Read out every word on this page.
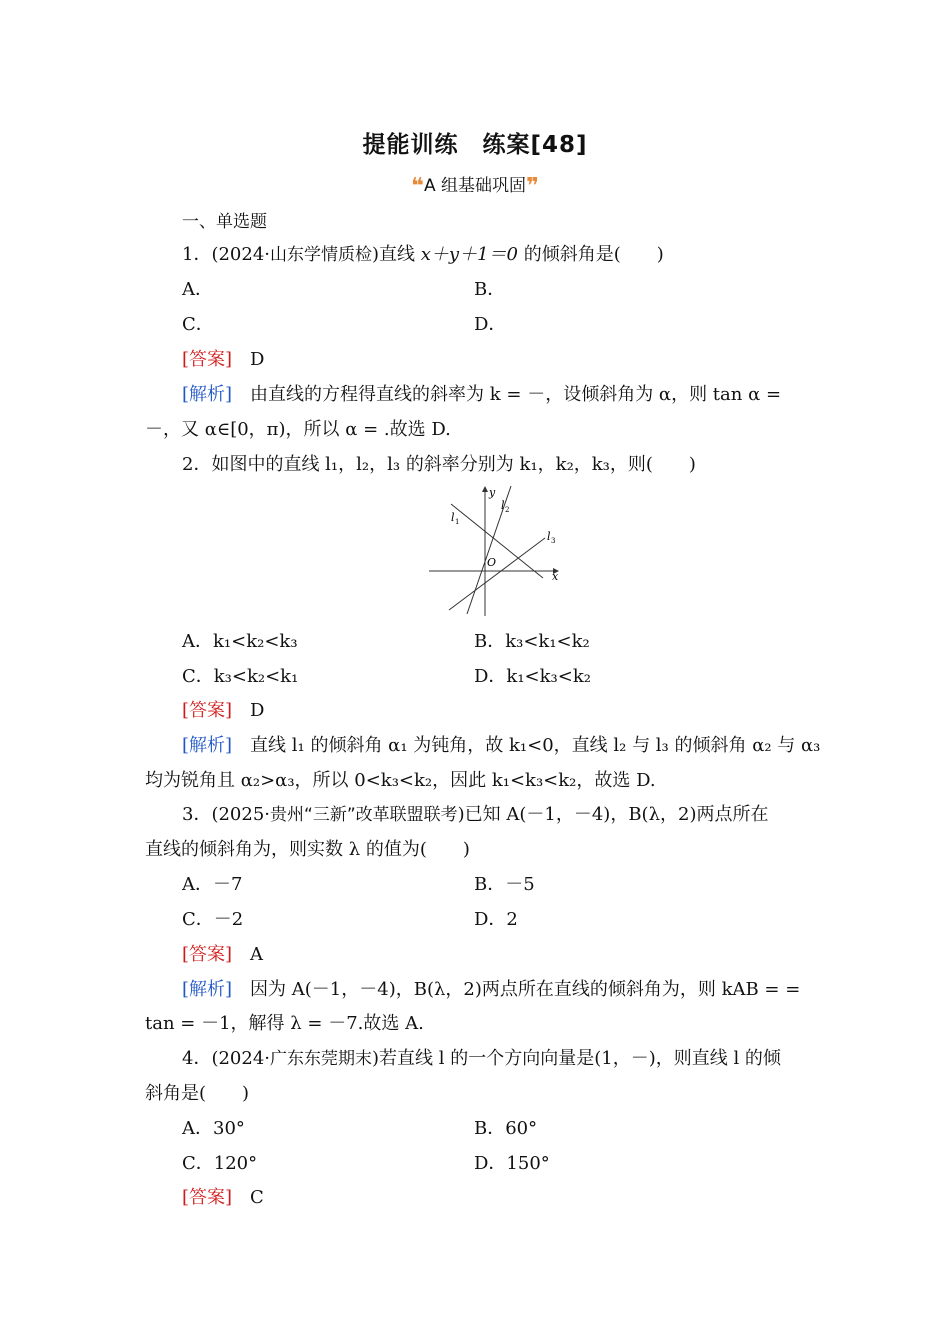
提能训练　练案[48]
❝A 组基础巩固❞
一、单选题
1．(2024·山东学情质检)直线 x＋y＋1＝0 的倾斜角是(　　)
A．	B．
C．	D．
[答案]　 D
[解析]　 由直线的方程得直线的斜率为 k = －，设倾斜角为 α，则 tan α =
－，又 α∈[0，π)，所以 α = .故选 D.
2．如图中的直线 l₁，l₂，l₃ 的斜率分别为 k₁，k₂，k₃，则(　　)
y
x
O
l 1
l 2
l 3
A．k₁<k₂<k₃	B．k₃<k₁<k₂
C．k₃<k₂<k₁	D．k₁<k₃<k₂
[答案]　 D
[解析]　 直线 l₁ 的倾斜角 α₁ 为钝角，故 k₁<0，直线 l₂ 与 l₃ 的倾斜角 α₂ 与 α₃
均为锐角且 α₂>α₃，所以 0<k₃<k₂，因此 k₁<k₃<k₂，故选 D.
3．(2025·贵州“三新”改革联盟联考)已知 A(－1，－4)，B(λ，2)两点所在
直线的倾斜角为，则实数 λ 的值为(　　)
A．－7	B．－5
C．－2	D．2
[答案]　 A
[解析]　 因为 A(－1，－4)，B(λ，2)两点所在直线的倾斜角为，则 kAB = =
tan = －1，解得 λ = －7.故选 A.
4．(2024·广东东莞期末)若直线 l 的一个方向向量是(1，－)，则直线 l 的倾
斜角是(　　)
A．30°	B．60°
C．120°	D．150°
[答案]　 C
